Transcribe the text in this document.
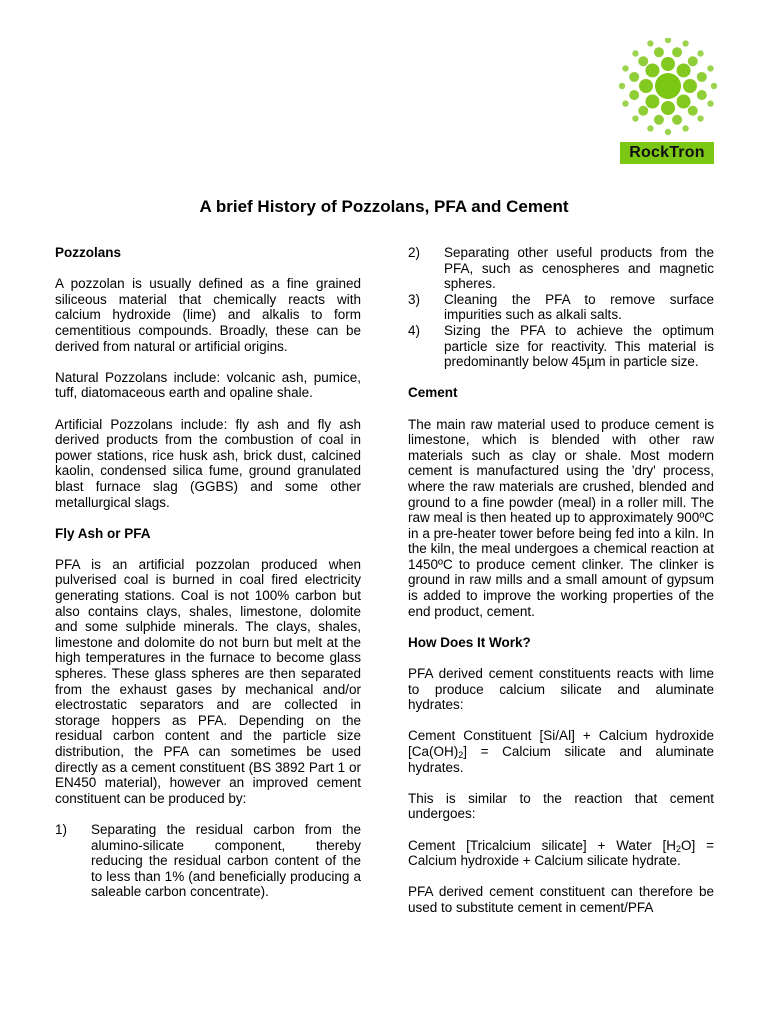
RockTron
A brief History of Pozzolans, PFA and Cement
Pozzolans

A pozzolan is usually defined as a fine grained siliceous material that chemically reacts with calcium hydroxide (lime) and alkalis to form cementitious compounds. Broadly, these can be derived from natural or artificial origins.

Natural Pozzolans include: volcanic ash, pumice, tuff, diatomaceous earth and opaline shale.

Artificial Pozzolans include: fly ash and fly ash derived products from the combustion of coal in power stations, rice husk ash, brick dust, calcined kaolin, condensed silica fume, ground granulated blast furnace slag (GGBS) and some other metallurgical slags.

Fly Ash or PFA

PFA is an artificial pozzolan produced when pulverised coal is burned in coal fired electricity generating stations. Coal is not 100% carbon but also contains clays, shales, limestone, dolomite and some sulphide minerals. The clays, shales, limestone and dolomite do not burn but melt at the high temperatures in the furnace to become glass spheres. These glass spheres are then separated from the exhaust gases by mechanical and/or electrostatic separators and are collected in storage hoppers as PFA. Depending on the residual carbon content and the particle size distribution, the PFA can sometimes be used directly as a cement constituent (BS 3892 Part 1 or EN450 material), however an improved cement constituent can be produced by:

1) Separating the residual carbon from the alumino-silicate component, thereby reducing the residual carbon content of the to less than 1% (and beneficially producing a saleable carbon concentrate).
2) Separating other useful products from the PFA, such as cenospheres and magnetic spheres.
3) Cleaning the PFA to remove surface impurities such as alkali salts.
4) Sizing the PFA to achieve the optimum particle size for reactivity. This material is predominantly below 45µm in particle size.
Cement

The main raw material used to produce cement is limestone, which is blended with other raw materials such as clay or shale. Most modern cement is manufactured using the 'dry' process, where the raw materials are crushed, blended and ground to a fine powder (meal) in a roller mill. The raw meal is then heated up to approximately 900ºC in a pre-heater tower before being fed into a kiln. In the kiln, the meal undergoes a chemical reaction at 1450ºC to produce cement clinker. The clinker is ground in raw mills and a small amount of gypsum is added to improve the working properties of the end product, cement.

How Does It Work?

PFA derived cement constituents reacts with lime to produce calcium silicate and aluminate hydrates:

Cement Constituent [Si/Al] + Calcium hydroxide $[Ca(OH)_2]$ = Calcium silicate and aluminate hydrates.

This is similar to the reaction that cement undergoes:

Cement [Tricalcium silicate] + Water $[H_2O]$ = Calcium hydroxide + Calcium silicate hydrate.

PFA derived cement constituent can therefore be used to substitute cement in cement/PFA
